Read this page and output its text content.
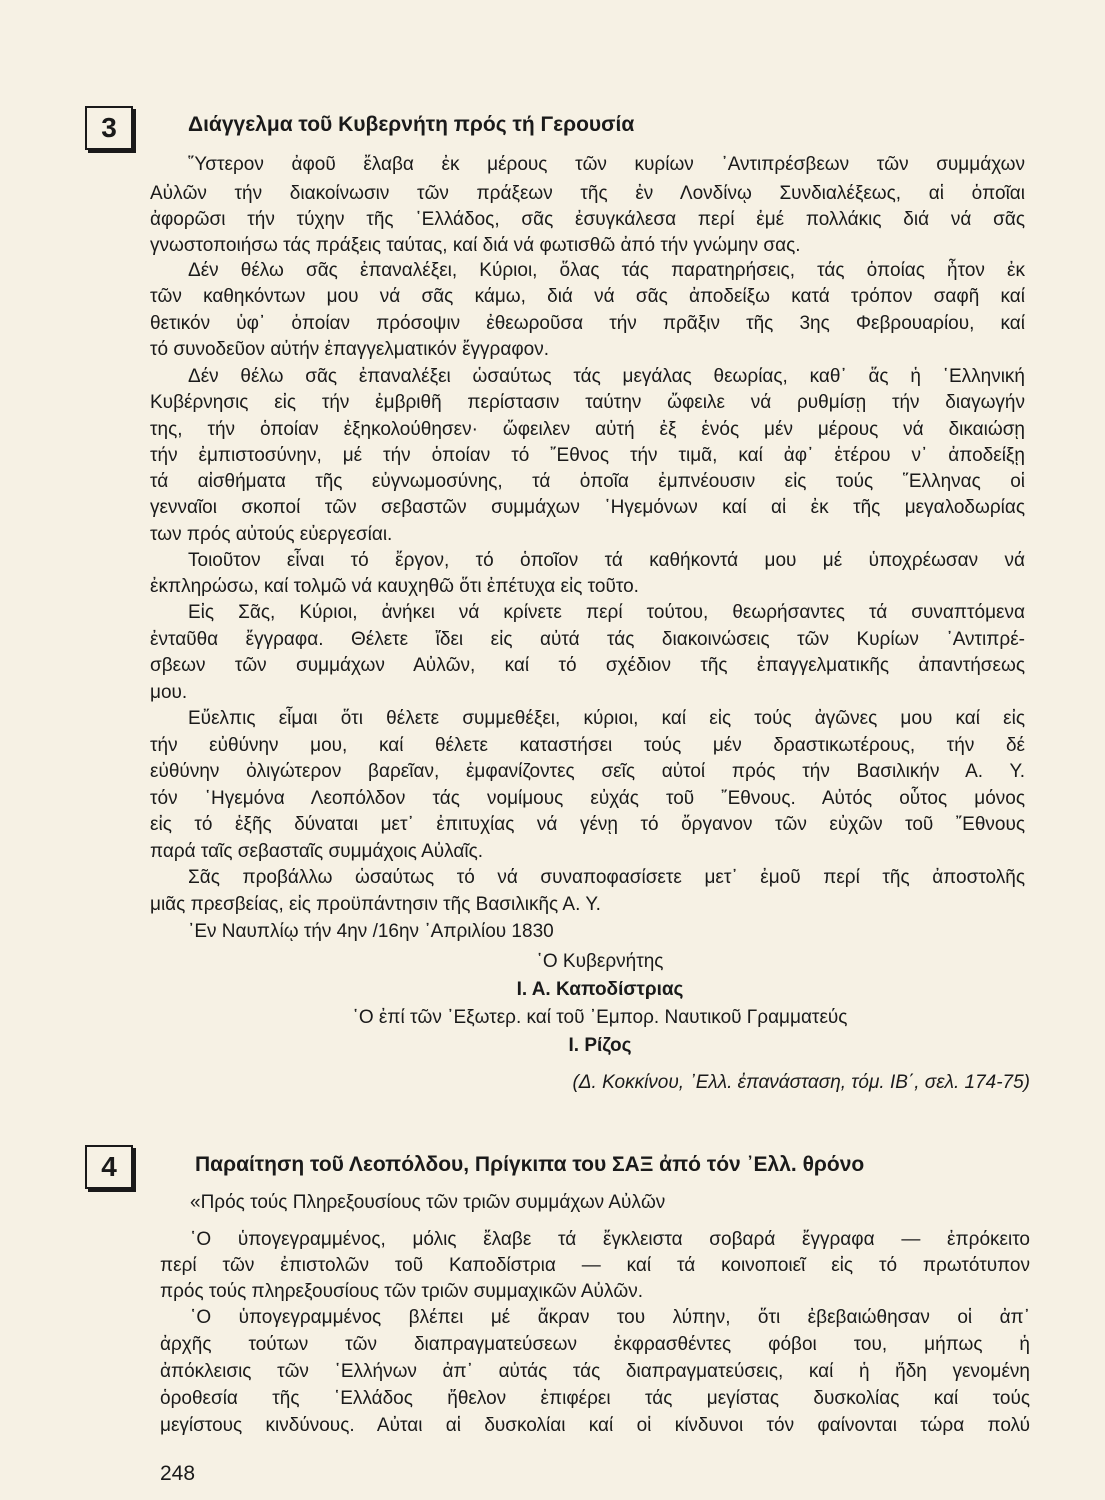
3	Διάγγελμα τοῦ Κυβερνήτη πρός τή Γερουσία
῞Υστερον ἀφοῦ ἔλαβα ἐκ μέρους τῶν κυρίων ᾿Αντιπρέσβεων τῶν συμμάχων
Αὐλῶν τήν διακοίνωσιν τῶν πράξεων τῆς ἐν Λονδίνῳ Συνδιαλέξεως, αἱ ὁποῖαι
ἀφορῶσι τήν τύχην τῆς ῾Ελλάδος, σᾶς ἐσυγκάλεσα περί ἐμέ πολλάκις διά νά σᾶς
γνωστοποιήσω τάς πράξεις ταύτας, καί διά νά φωτισθῶ ἀπό τήν γνώμην σας.
Δέν θέλω σᾶς ἐπαναλέξει, Κύριοι, ὅλας τάς παρατηρήσεις, τάς ὁποίας ἦτον ἐκ
τῶν καθηκόντων μου νά σᾶς κάμω, διά νά σᾶς ἀποδείξω κατά τρόπον σαφῆ καί
θετικόν ὑφ᾿ ὁποίαν πρόσοψιν ἐθεωροῦσα τήν πρᾶξιν τῆς 3ης Φεβρουαρίου, καί
τό συνοδεῦον αὐτήν ἐπαγγελματικόν ἔγγραφον.
Δέν θέλω σᾶς ἐπαναλέξει ὡσαύτως τάς μεγάλας θεωρίας, καθ᾿ ἅς ἡ ῾Ελληνική
Κυβέρνησις εἰς τήν ἐμβριθῆ περίστασιν ταύτην ὤφειλε νά ρυθμίσῃ τήν διαγωγήν
της, τήν ὁποίαν ἐξηκολούθησεν· ὤφειλεν αὐτή ἐξ ἑνός μέν μέρους νά δικαιώσῃ
τήν ἐμπιστοσύνην, μέ τήν ὁποίαν τό ῎Εθνος τήν τιμᾶ, καί ἀφ᾿ ἑτέρου ν᾿ ἀποδείξῃ
τά αἰσθήματα τῆς εὐγνωμοσύνης, τά ὁποῖα ἐμπνέουσιν εἰς τούς ῞Ελληνας οἱ
γενναῖοι σκοποί τῶν σεβαστῶν συμμάχων ῾Ηγεμόνων καί αἱ ἐκ τῆς μεγαλοδωρίας
των πρός αὐτούς εὐεργεσίαι.
Τοιοῦτον εἶναι τό ἔργον, τό ὁποῖον τά καθήκοντά μου μέ ὑποχρέωσαν νά
ἐκπληρώσω, καί τολμῶ νά καυχηθῶ ὅτι ἐπέτυχα εἰς τοῦτο.
Εἰς Σᾶς, Κύριοι, ἀνήκει νά κρίνετε περί τούτου, θεωρήσαντες τά συναπτόμενα
ἐνταῦθα ἔγγραφα. Θέλετε ἴδει εἰς αὐτά τάς διακοινώσεις τῶν Κυρίων ᾿Αντιπρέ-
σβεων τῶν συμμάχων Αὐλῶν, καί τό σχέδιον τῆς ἐπαγγελματικῆς ἀπαντήσεως
μου.
Εὔελπις εἶμαι ὅτι θέλετε συμμεθέξει, κύριοι, καί εἰς τούς ἀγῶνες μου καί εἰς
τήν εὐθύνην μου, καί θέλετε καταστήσει τούς μέν δραστικωτέρους, τήν δέ
εὐθύνην ὀλιγώτερον βαρεῖαν, ἐμφανίζοντες σεῖς αὐτοί πρός τήν Βασιλικήν Α. Υ.
τόν ῾Ηγεμόνα Λεοπόλδον τάς νομίμους εὐχάς τοῦ ῎Εθνους. Αὐτός οὗτος μόνος
εἰς τό ἑξῆς δύναται μετ᾿ ἐπιτυχίας νά γένῃ τό ὄργανον τῶν εὐχῶν τοῦ ῎Εθνους
παρά ταῖς σεβασταῖς συμμάχοις Αὐλαῖς.
Σᾶς προβάλλω ὡσαύτως τό νά συναποφασίσετε μετ᾿ ἐμοῦ περί τῆς ἀποστολῆς
μιᾶς πρεσβείας, εἰς προϋπάντησιν τῆς Βασιλικῆς Α. Υ.
᾿Εν Ναυπλίῳ τήν 4ην /16ην ᾿Απριλίου 1830
῾Ο Κυβερνήτης
Ι. Α. Καποδίστριας
῾Ο ἐπί τῶν ᾿Εξωτερ. καί τοῦ ᾿Εμπορ. Ναυτικοῦ Γραμματεύς
Ι. Ρίζος
(Δ. Κοκκίνου, ᾿Ελλ. ἐπανάσταση, τόμ. ΙΒ΄, σελ. 174-75)
4	Παραίτηση τοῦ Λεοπόλδου, Πρίγκιπα του ΣΑΞ ἀπό τόν ᾿Ελλ. θρόνο
«Πρός τούς Πληρεξουσίους τῶν τριῶν συμμάχων Αὐλῶν
῾Ο ὑπογεγραμμένος, μόλις ἔλαβε τά ἔγκλειστα σοβαρά ἔγγραφα — ἐπρόκειτο
περί τῶν ἐπιστολῶν τοῦ Καποδίστρια — καί τά κοινοποιεῖ εἰς τό πρωτότυπον
πρός τούς πληρεξουσίους τῶν τριῶν συμμαχικῶν Αὐλῶν.
῾Ο ὑπογεγραμμένος βλέπει μέ ἄκραν του λύπην, ὅτι ἐβεβαιώθησαν οἱ ἀπ᾿
ἀρχῆς τούτων τῶν διαπραγματεύσεων ἐκφρασθέντες φόβοι του, μήπως ἡ
ἀπόκλεισις τῶν ῾Ελλήνων ἀπ᾿ αὐτάς τάς διαπραγματεύσεις, καί ἡ ἤδη γενομένη
ὁροθεσία τῆς ῾Ελλάδος ἤθελον ἐπιφέρει τάς μεγίστας δυσκολίας καί τούς
μεγίστους κινδύνους. Αὐται αἱ δυσκολίαι καί οἱ κίνδυνοι τόν φαίνονται τώρα πολύ
248
